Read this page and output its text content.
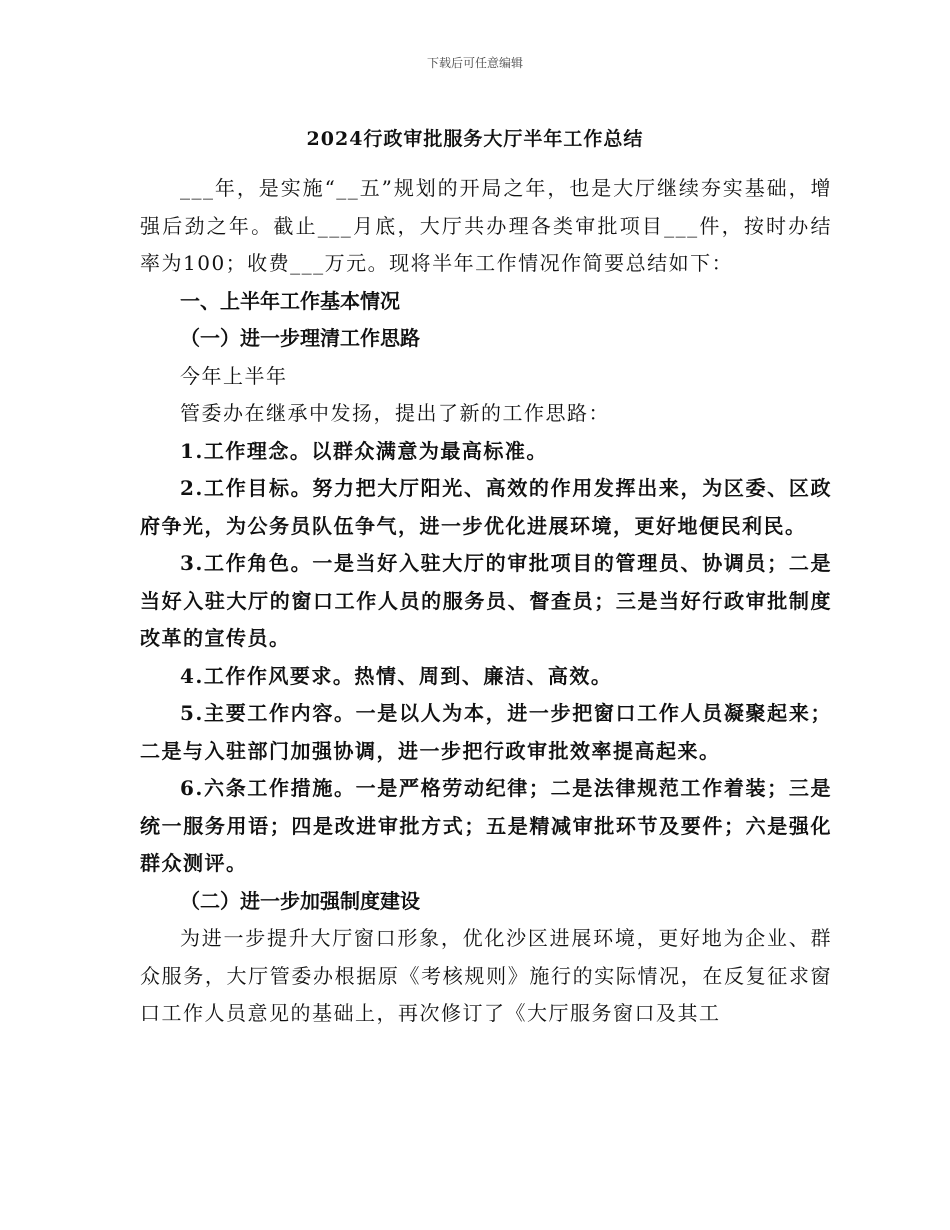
下载后可任意编辑
2024行政审批服务大厅半年工作总结

___年，是实施“__五”规划的开局之年，也是大厅继续夯实基础，增强后劲之年。截止___月底，大厅共办理各类审批项目___件，按时办结率为100；收费___万元。现将半年工作情况作简要总结如下：

一、上半年工作基本情况

（一）进一步理清工作思路

今年上半年

管委办在继承中发扬，提出了新的工作思路：

1.工作理念。以群众满意为最高标准。

2.工作目标。努力把大厅阳光、高效的作用发挥出来，为区委、区政府争光，为公务员队伍争气，进一步优化进展环境，更好地便民利民。

3.工作角色。一是当好入驻大厅的审批项目的管理员、协调员；二是当好入驻大厅的窗口工作人员的服务员、督查员；三是当好行政审批制度改革的宣传员。

4.工作作风要求。热情、周到、廉洁、高效。

5.主要工作内容。一是以人为本，进一步把窗口工作人员凝聚起来；二是与入驻部门加强协调，进一步把行政审批效率提高起来。

6.六条工作措施。一是严格劳动纪律；二是法律规范工作着装；三是统一服务用语；四是改进审批方式；五是精减审批环节及要件；六是强化群众测评。

（二）进一步加强制度建设

为进一步提升大厅窗口形象，优化沙区进展环境，更好地为企业、群众服务，大厅管委办根据原《考核规则》施行的实际情况，在反复征求窗口工作人员意见的基础上，再次修订了《大厅服务窗口及其工
